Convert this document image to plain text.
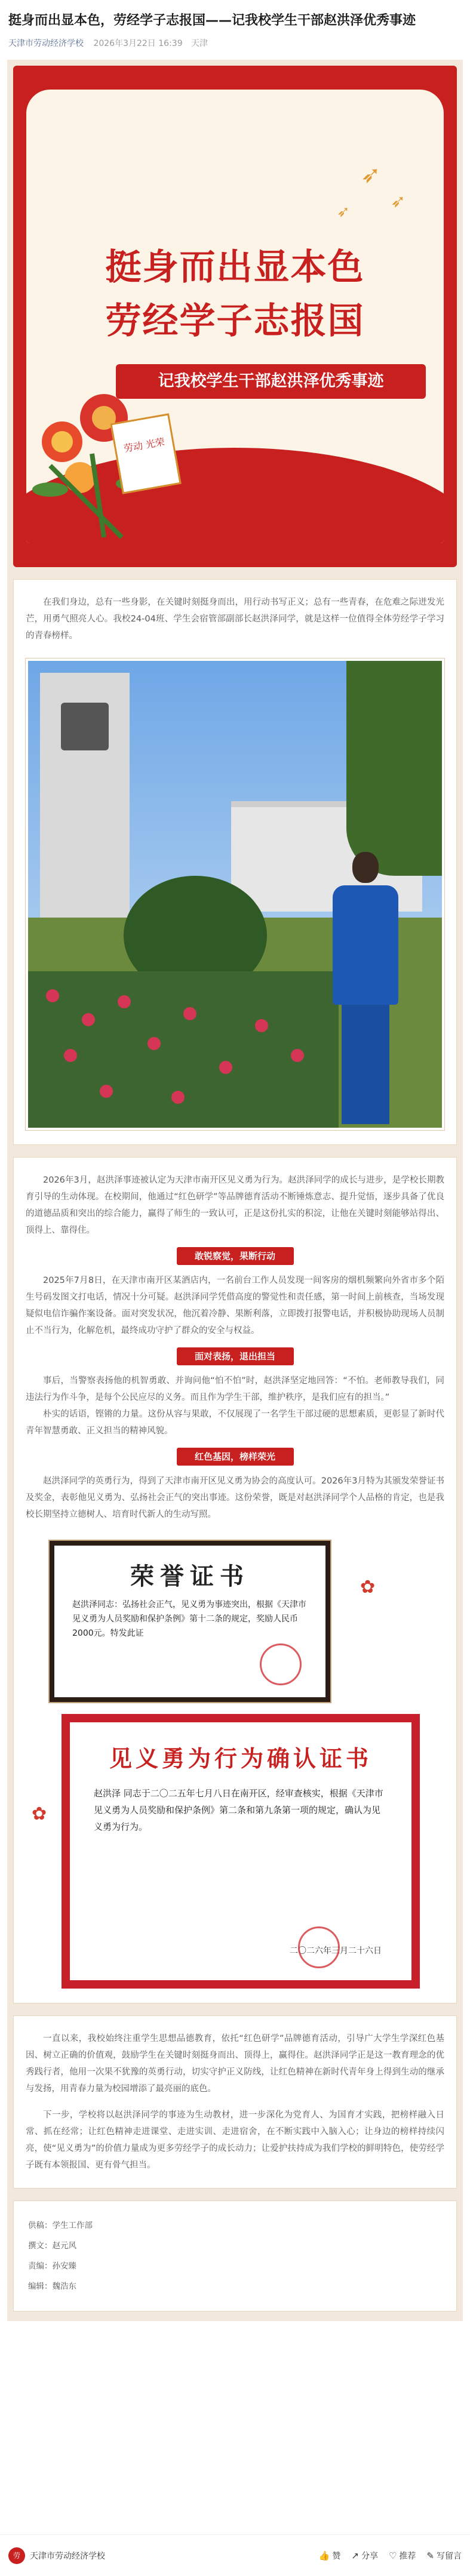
挺身而出显本色，劳经学子志报国——记我校学生干部赵洪泽优秀事迹
天津市劳动经济学校 2026年3月22日 16:39 天津
➶
➶
➶
挺身而出显本色
劳经学子志报国
记我校学生干部赵洪泽优秀事迹
劳动 光荣

在我们身边，总有一些身影，在关键时刻挺身而出，用行动书写正义；总有一些青春，在危难之际迸发光芒，用勇气照亮人心。我校24-04班、学生会宿管部副部长赵洪泽同学，就是这样一位值得全体劳经学子学习的青春榜样。

2026年3月，赵洪泽事迹被认定为天津市南开区见义勇为行为。赵洪泽同学的成长与进步，是学校长期教育引导的生动体现。在校期间，他通过“红色研学”等品牌德育活动不断锤炼意志、提升觉悟，逐步具备了优良的道德品质和突出的综合能力，赢得了师生的一致认可，正是这份扎实的积淀，让他在关键时刻能够站得出、顶得上、靠得住。

敢锐察觉，果断行动

2025年7月8日，在天津市南开区某酒店内，一名前台工作人员发现一间客房的烟机频繁向外省市多个陌生号码发图文打电话，情况十分可疑。赵洪泽同学凭借高度的警觉性和责任感，第一时间上前核查，当场发现疑似电信诈骗作案设备。面对突发状况，他沉着冷静、果断利落，立即拨打报警电话，并积极协助现场人员制止不当行为，化解危机，最终成功守护了群众的安全与权益。

面对表扬，退出担当

事后，当警察表扬他的机智勇敢、并询问他“怕不怕”时，赵洪泽坚定地回答：“不怕。老师教导我们，同违法行为作斗争，是每个公民应尽的义务。而且作为学生干部，维护秩序，是我们应有的担当。”

朴实的话语，铿锵的力量。这份从容与果敢，不仅展现了一名学生干部过硬的思想素质，更彰显了新时代青年智慧勇敢、正义担当的精神风貌。

红色基因，榜样荣光

赵洪泽同学的英勇行为，得到了天津市南开区见义勇为协会的高度认可。2026年3月特为其颁发荣誉证书及奖金，表彰他见义勇为、弘扬社会正气的突出事迹。这份荣誉，既是对赵洪泽同学个人品格的肯定，也是我校长期坚持立德树人、培育时代新人的生动写照。

✿
荣誉证书
赵洪泽同志：弘扬社会正气，见义勇为事迹突出，根据《天津市见义勇为人员奖励和保护条例》第十二条的规定，奖励人民币2000元。特发此证
✿
见义勇为行为确认证书
赵洪泽 同志于二〇二五年七月八日在南开区，经审查核实，根据《天津市见义勇为人员奖励和保护条例》第二条和第九条第一项的规定，确认为见义勇为行为。
二〇二六年三月二十六日

一直以来，我校始终注重学生思想品德教育，依托“红色研学”品牌德育活动，引导广大学生学深红色基因、树立正确的价值观，鼓励学生在关键时刻挺身而出、顶得上，赢得住。赵洪泽同学正是这一教育理念的优秀践行者，他用一次果不犹豫的英勇行动，切实守护正义防线，让红色精神在新时代青年身上得到生动的继承与发扬，用青春力量为校园增添了最亮丽的底色。

下一步，学校将以赵洪泽同学的事迹为生动教材，进一步深化为党育人、为国育才实践，把榜样融入日常、抓在经常；让红色精神走进课堂、走进实训、走进宿舍，在不断实践中入脑入心；让身边的榜样持续闪亮，使“见义勇为”的价值力量成为更多劳经学子的成长动力；让爱护扶持成为我们学校的鲜明特色，使劳经学子既有本领报国、更有骨气担当。

供稿：学生工作部
撰文：赵元风
责编：孙安臻
编辑：魏浩东
劳	天津市劳动经济学校	👍 赞 ↗ 分享 ♡ 推荐 ✎ 写留言
